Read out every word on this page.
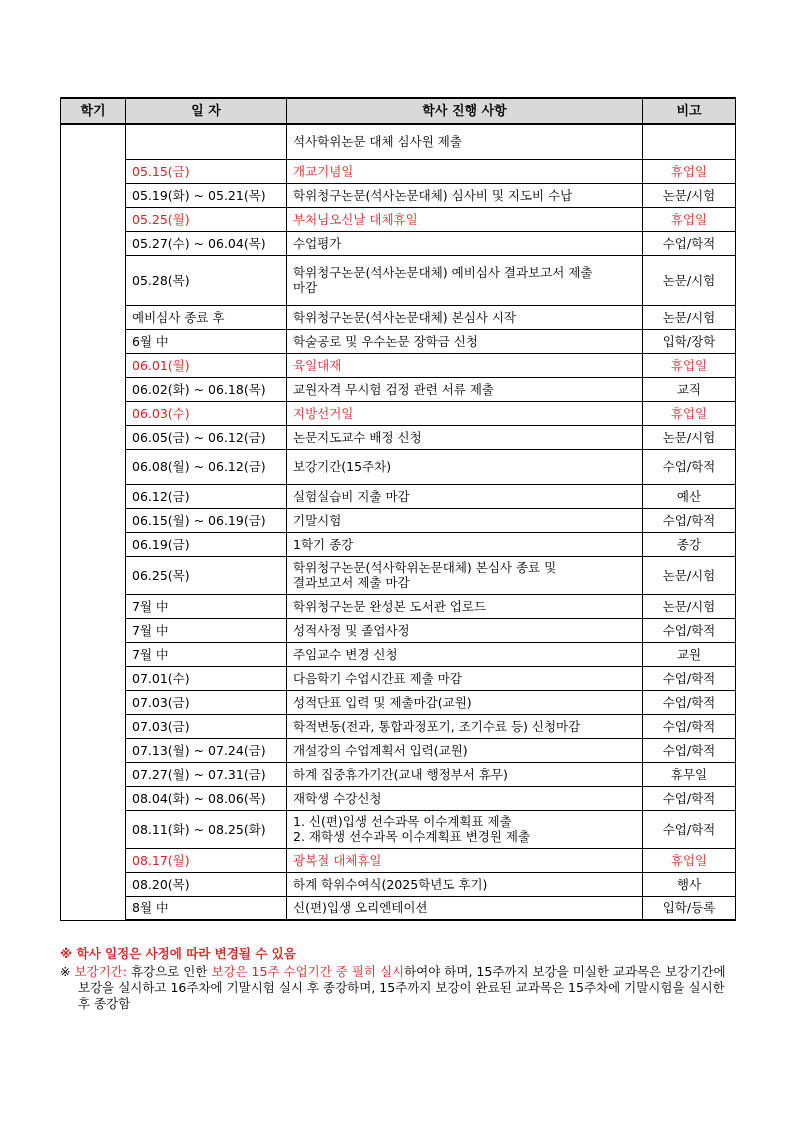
학기	일 자	학사 진행 사항	비고

		석사학위논문 대체 심사원 제출	

	05.15(금)	개교기념일	휴업일
	05.19(화) ~ 05.21(목)	학위청구논문(석사논문대체) 심사비 및 지도비 수납	논문/시험
	05.25(월)	부처님오신날 대체휴일	휴업일
	05.27(수) ~ 06.04(목)	수업평가	수업/학적
	05.28(목)	학위청구논문(석사논문대체) 예비심사 결과보고서 제출
마감	논문/시험
	예비심사 종료 후	학위청구논문(석사논문대체) 본심사 시작	논문/시험
	6월 中	학술공로 및 우수논문 장학금 신청	입학/장학
	06.01(월)	육일대재	휴업일
	06.02(화) ~ 06.18(목)	교원자격 무시험 검정 관련 서류 제출	교직
	06.03(수)	지방선거일	휴업일
	06.05(금) ~ 06.12(금)	논문지도교수 배정 신청	논문/시험
	06.08(월) ~ 06.12(금)	보강기간(15주차)	수업/학적
	06.12(금)	실험실습비 지출 마감	예산
	06.15(월) ~ 06.19(금)	기말시험	수업/학적
	06.19(금)	1학기 종강	종강
	06.25(목)	학위청구논문(석사학위논문대체) 본심사 종료 및
결과보고서 제출 마감	논문/시험
	7월 中	학위청구논문 완성본 도서관 업로드	논문/시험
	7월 中	성적사정 및 졸업사정	수업/학적
	7월 中	주임교수 변경 신청	교원
	07.01(수)	다음학기 수업시간표 제출 마감	수업/학적
	07.03(금)	성적단표 입력 및 제출마감(교원)	수업/학적
	07.03(금)	학적변동(전과, 통합과정포기, 조기수료 등) 신청마감	수업/학적
	07.13(월) ~ 07.24(금)	개설강의 수업계획서 입력(교원)	수업/학적
	07.27(월) ~ 07.31(금)	하계 집중휴가기간(교내 행정부서 휴무)	휴무일
	08.04(화) ~ 08.06(목)	재학생 수강신청	수업/학적
	08.11(화) ~ 08.25(화)	1. 신(편)입생 선수과목 이수계획표 제출
2. 재학생 선수과목 이수계획표 변경원 제출	수업/학적
	08.17(월)	광복절 대체휴일	휴업일
	08.20(목)	하계 학위수여식(2025학년도 후기)	행사
	8월 中	신(편)입생 오리엔테이션	입학/등록

※ 학사 일정은 사정에 따라 변경될 수 있음

※ 보강기간: 휴강으로 인한 보강은 15주 수업기간 중 필히 실시하여야 하며, 15주까지 보강을 미실한 교과목은 보강기간에 보강을 실시하고 16주차에 기말시험 실시 후 종강하며, 15주까지 보강이 완료된 교과목은 15주차에 기말시험을 실시한 후 종강함
